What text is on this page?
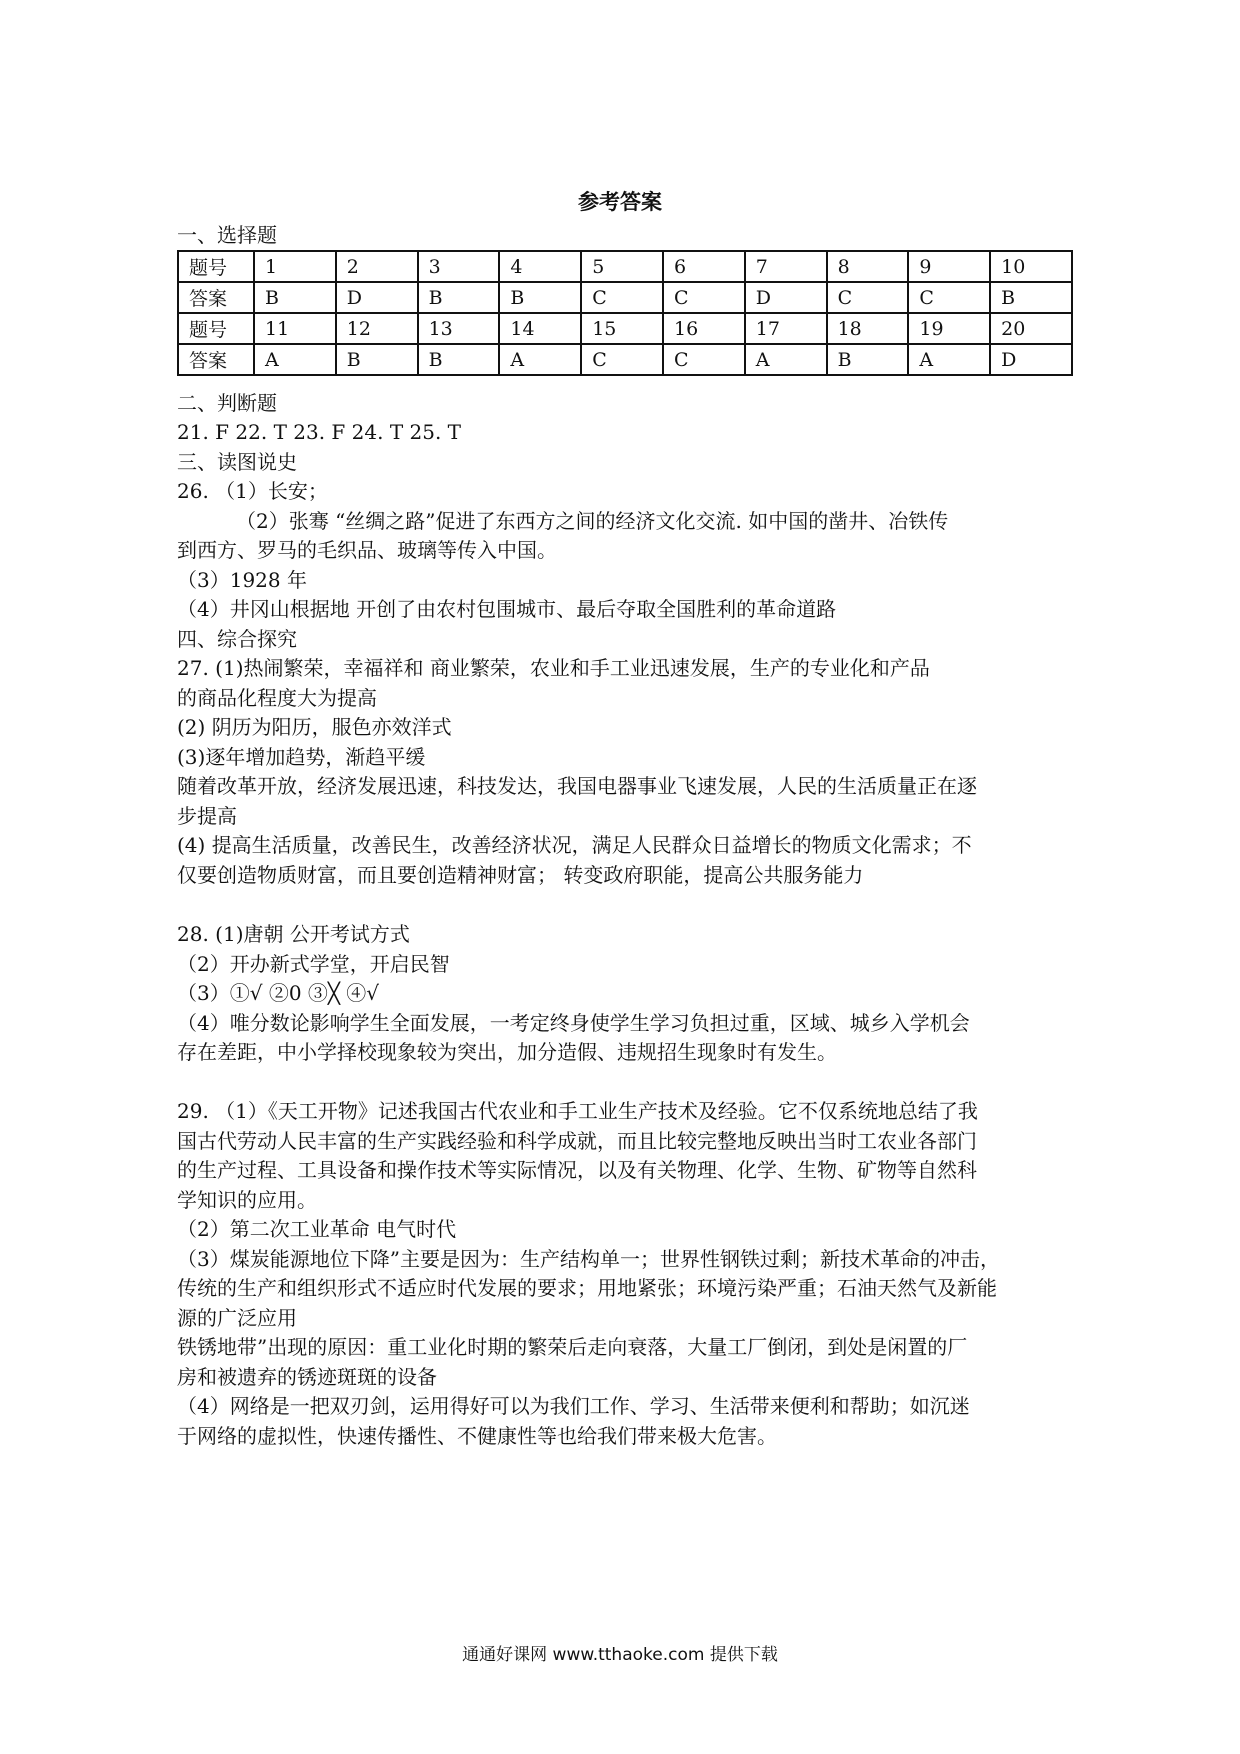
参考答案
一、选择题
题号	1	2	3	4	5	6	7	8	9	10
答案	B	D	B	B	C	C	D	C	C	B
题号	11	12	13	14	15	16	17	18	19	20
答案	A	B	B	A	C	C	A	B	A	D
二、判断题
21. F 22. T 23. F 24. T 25. T
三、读图说史
26. （1）长安；
（2）张骞 “丝绸之路”促进了东西方之间的经济文化交流. 如中国的凿井、冶铁传
到西方、罗马的毛织品、玻璃等传入中国。
（3）1928 年
（4）井冈山根据地 开创了由农村包围城市、最后夺取全国胜利的革命道路
四、综合探究
27. (1)热闹繁荣，幸福祥和 商业繁荣，农业和手工业迅速发展，生产的专业化和产品
的商品化程度大为提高
(2) 阴历为阳历，服色亦效洋式
(3)逐年增加趋势，渐趋平缓
随着改革开放，经济发展迅速，科技发达，我国电器事业飞速发展，人民的生活质量正在逐
步提高
(4) 提高生活质量，改善民生，改善经济状况，满足人民群众日益增长的物质文化需求；不
仅要创造物质财富，而且要创造精神财富； 转变政府职能，提高公共服务能力
28. (1)唐朝 公开考试方式
（2）开办新式学堂，开启民智
（3）①√ ②0 ③╳ ④√
（4）唯分数论影响学生全面发展，一考定终身使学生学习负担过重，区域、城乡入学机会
存在差距，中小学择校现象较为突出，加分造假、违规招生现象时有发生。
29. （1）《天工开物》记述我国古代农业和手工业生产技术及经验。它不仅系统地总结了我
国古代劳动人民丰富的生产实践经验和科学成就，而且比较完整地反映出当时工农业各部门
的生产过程、工具设备和操作技术等实际情况，以及有关物理、化学、生物、矿物等自然科
学知识的应用。
（2）第二次工业革命 电气时代
（3）煤炭能源地位下降”主要是因为：生产结构单一；世界性钢铁过剩；新技术革命的冲击，
传统的生产和组织形式不适应时代发展的要求；用地紧张；环境污染严重；石油天然气及新能
源的广泛应用
铁锈地带”出现的原因：重工业化时期的繁荣后走向衰落，大量工厂倒闭，到处是闲置的厂
房和被遗弃的锈迹斑斑的设备
（4）网络是一把双刃剑，运用得好可以为我们工作、学习、生活带来便利和帮助；如沉迷
于网络的虚拟性，快速传播性、不健康性等也给我们带来极大危害。
通通好课网 www.tthaoke.com 提供下载
